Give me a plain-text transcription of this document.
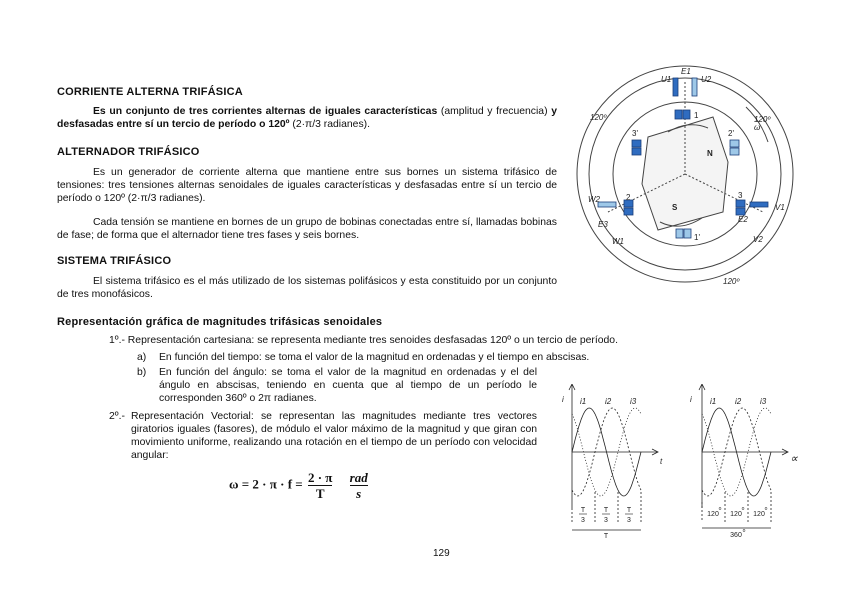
CORRIENTE ALTERNA TRIFÁSICA

Es un conjunto de tres corrientes alternas de iguales características (amplitud y frecuencia) y desfasadas entre sí un tercio de período o 120º (2·π/3 radianes).

ALTERNADOR TRIFÁSICO

Es un generador de corriente alterna que mantiene entre sus bornes un sistema trifásico de tensiones: tres tensiones alternas senoidales de iguales características y desfasadas entre sí un tercio de período o 120º (2·π/3 radianes).

Cada tensión se mantiene en bornes de un grupo de bobinas conectadas entre sí, llamadas bobinas de fase; de forma que el alternador tiene tres fases y seis bornes.

SISTEMA TRIFÁSICO

El sistema trifásico es el más utilizado de los sistemas polifásicos y esta constituido por un conjunto de tres monofásicos.

Representación gráfica de magnitudes trifásicas senoidales
1º.- Representación cartesiana: se representa mediante tres senoides desfasadas 120º o un tercio de período.
a) En función del tiempo: se toma el valor de la magnitud en ordenadas y el tiempo en abscisas.
b) En función del ángulo: se toma el valor de la magnitud en ordenadas y el del ángulo en abscisas, teniendo en cuenta que al tiempo de un período le corresponden 360º o 2π radianes.
2º.- Representación Vectorial: se representan las magnitudes mediante tres vectores giratorios iguales (fasores), de módulo el valor máximo de la magnitud y que giran con movimiento uniforme, realizando una rotación en el tiempo de un período con velocidad angular:
$\omega = 2 \cdot \pi \cdot f = \frac{2 \cdot \pi}{T}$
$\frac{\text{rad}}{s}$
129
120º	120º
120º
U1	U2
V1
V2
W1
W2
E1
E2
E3
N
S
1
2	3
1'
2'
3'
ω
i i1 i2 i3
t
T
3
T
3
T
3
T
i i1 i2 i3
∝
120
o
120
o
120
o
360
o
